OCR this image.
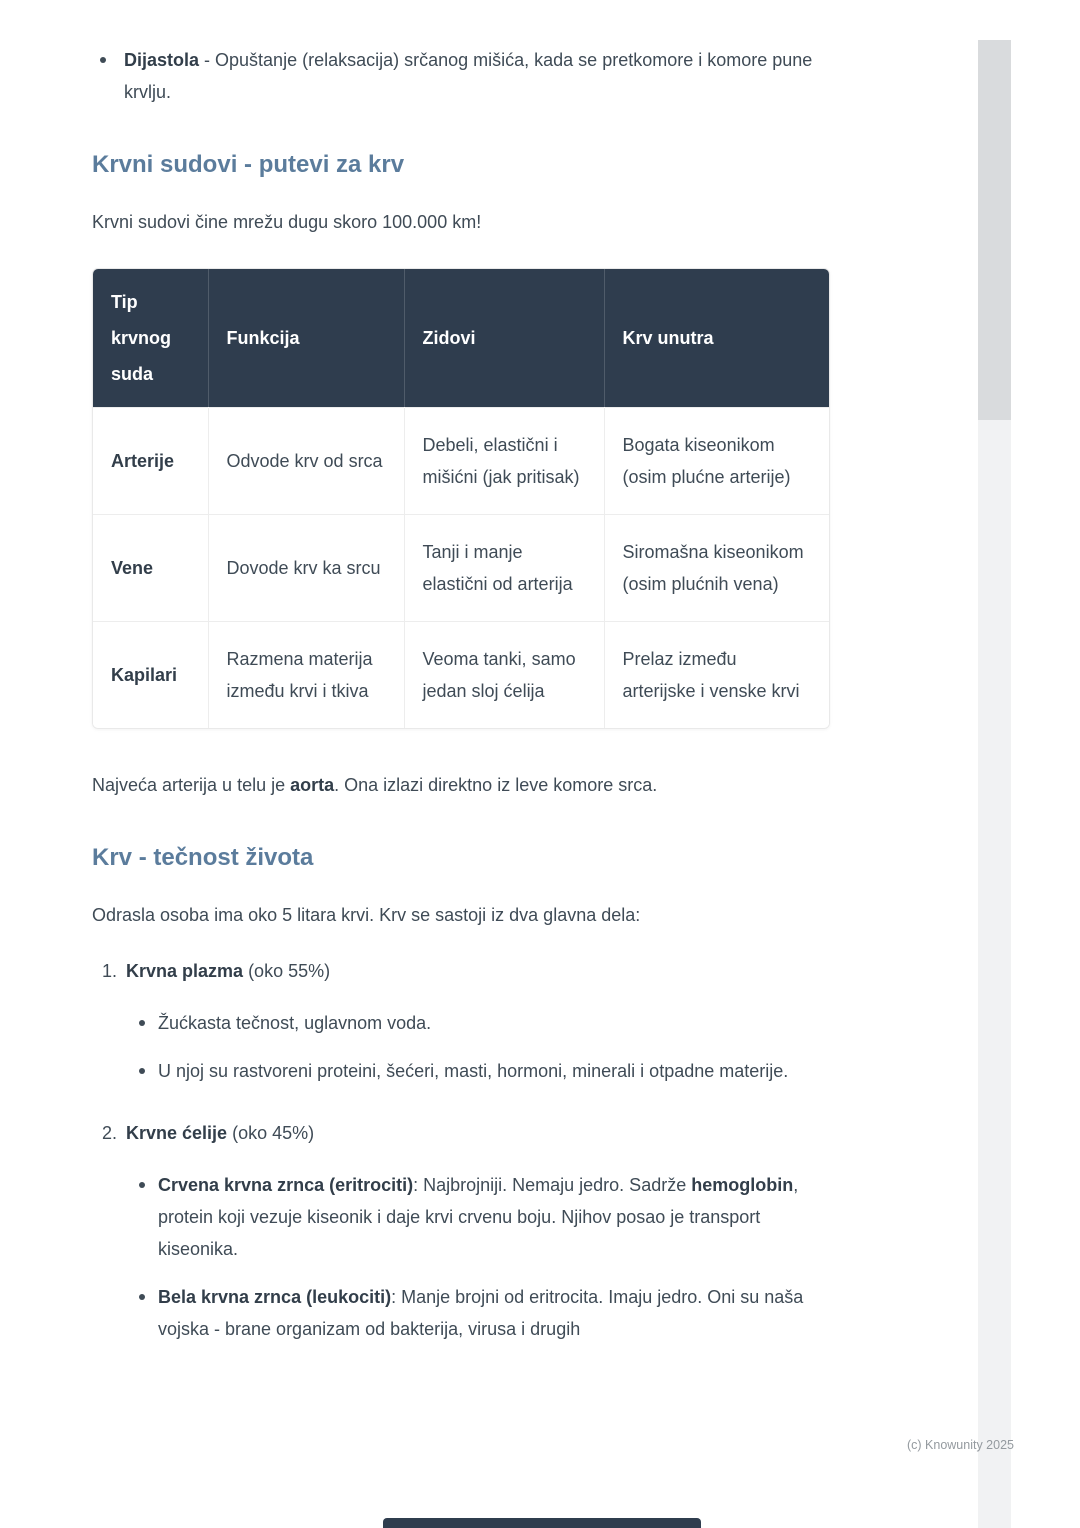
Dijastola - Opuštanje (relaksacija) srčanog mišića, kada se pretkomore i komore pune krvlju.
Krvni sudovi - putevi za krv

Krvni sudovi čine mrežu dugu skoro 100.000 km!

Tip krvnog suda	Funkcija	Zidovi	Krv unutra
Arterije	Odvode krv od srca	Debeli, elastični i mišićni (jak pritisak)	Bogata kiseonikom (osim plućne arterije)
Vene	Dovode krv ka srcu	Tanji i manje elastični od arterija	Siromašna kiseonikom (osim plućnih vena)
Kapilari	Razmena materija između krvi i tkiva	Veoma tanki, samo jedan sloj ćelija	Prelaz između arterijske i venske krvi

Najveća arterija u telu je aorta. Ona izlazi direktno iz leve komore srca.

Krv - tečnost života

Odrasla osoba ima oko 5 litara krvi. Krv se sastoji iz dva glavna dela:

1. Krvna plazma (oko 55%)
Žućkasta tečnost, uglavnom voda.
U njoj su rastvoreni proteini, šećeri, masti, hormoni, minerali i otpadne materije.
2. Krvne ćelije (oko 45%)
Crvena krvna zrnca (eritrociti): Najbrojniji. Nemaju jedro. Sadrže hemoglobin, protein koji vezuje kiseonik i daje krvi crvenu boju. Njihov posao je transport kiseonika.
Bela krvna zrnca (leukociti): Manje brojni od eritrocita. Imaju jedro. Oni su naša vojska - brane organizam od bakterija, virusa i drugih
(c) Knowunity 2025
